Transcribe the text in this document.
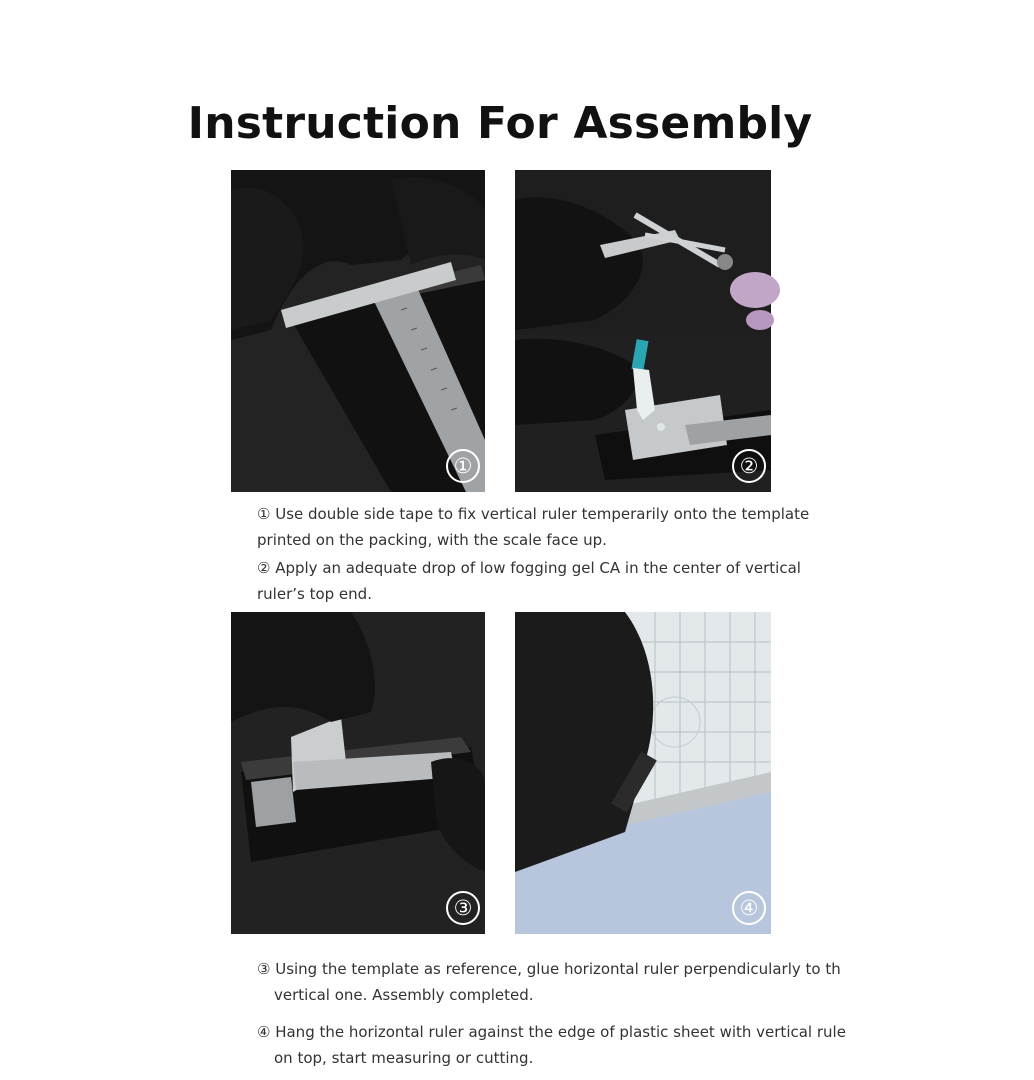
Instruction For Assembly
①	②
① Use double side tape to fix vertical ruler temperarily onto the template
printed on the packing, with the scale face up.
② Apply an adequate drop of low fogging gel CA in the center of vertical
ruler’s top end.
③	④
③ Using the template as reference, glue horizontal ruler perpendicularly to th
vertical one. Assembly completed.
④ Hang the horizontal ruler against the edge of plastic sheet with vertical rule
on top, start measuring or cutting.
